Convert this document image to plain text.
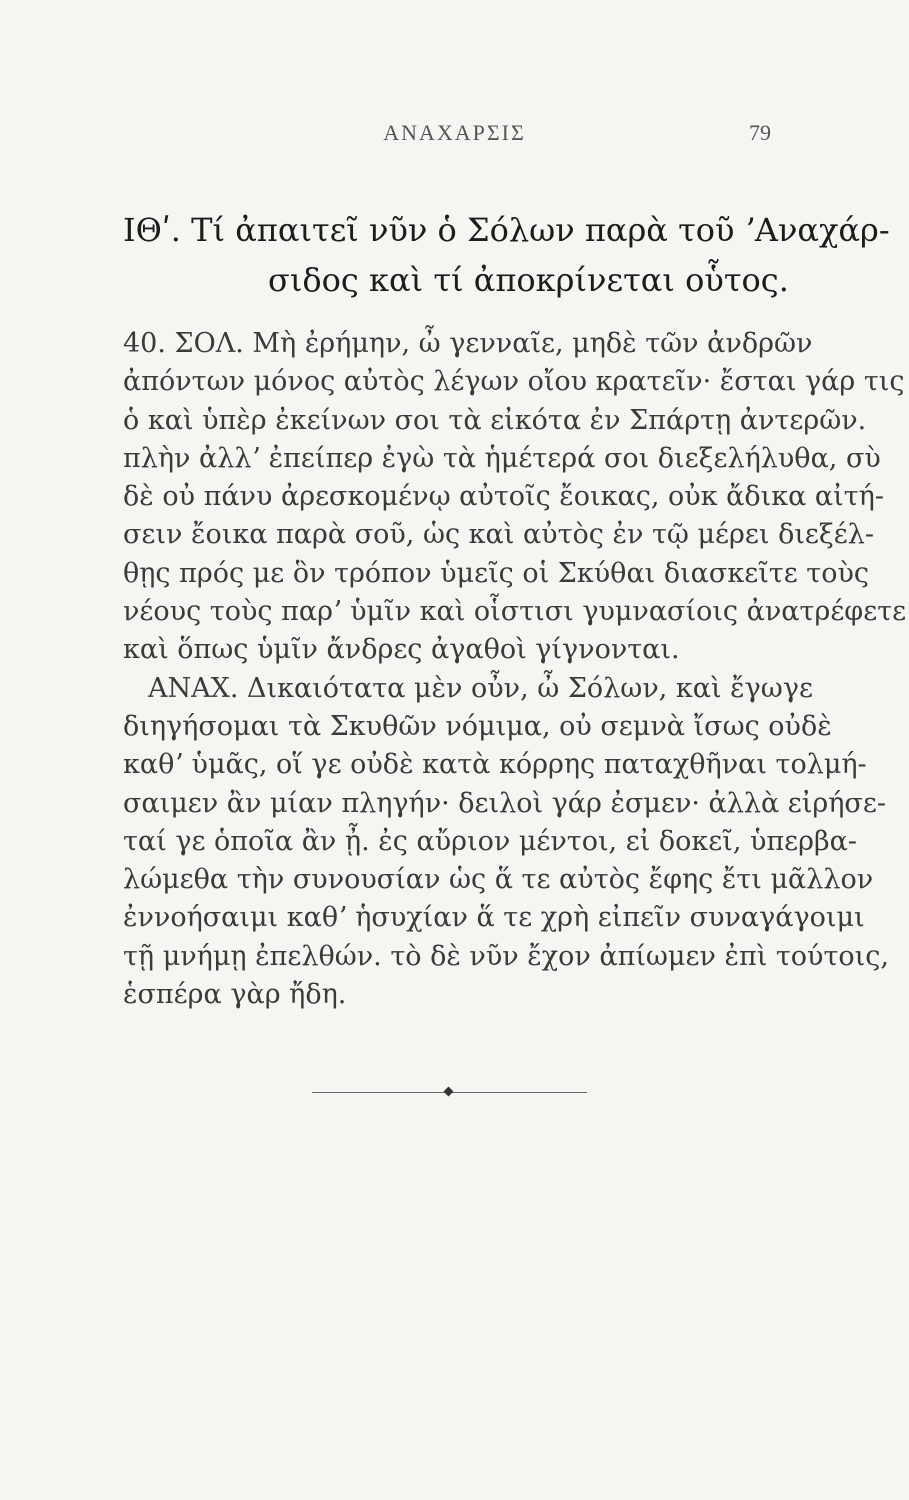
ΑΝΑΧΑΡΣΙΣ	79
ΙΘʹ. Τί ἀπαιτεῖ νῦν ὁ Σόλων παρὰ τοῦ ʼΑναχάρ-
σιδος καὶ τί ἀποκρίνεται οὗτος.
40. ΣΟΛ. Μὴ ἐρήμην, ὦ γενναῖε, μηδὲ τῶν ἀνδρῶν
ἀπόντων μόνος αὐτὸς λέγων οἴου κρατεῖν· ἔσται γάρ τις
ὁ καὶ ὑπὲρ ἐκείνων σοι τὰ εἰκότα ἐν Σπάρτῃ ἀντερῶν.
πλὴν ἀλλʼ ἐπείπερ ἐγὼ τὰ ἡμέτερά σοι διεξελήλυθα, σὺ
δὲ οὐ πάνυ ἀρεσκομένῳ αὐτοῖς ἔοικας, οὐκ ἄδικα αἰτή-
σειν ἔοικα παρὰ σοῦ, ὡς καὶ αὐτὸς ἐν τῷ μέρει διεξέλ-
θῃς πρός με ὃν τρόπον ὑμεῖς οἱ Σκύθαι διασκεῖτε τοὺς
νέους τοὺς παρʼ ὑμῖν καὶ οἷστισι γυμνασίοις ἀνατρέφετε
καὶ ὅπως ὑμῖν ἄνδρες ἀγαθοὶ γίγνονται.
ΑΝΑΧ. Δικαιότατα μὲν οὖν, ὦ Σόλων, καὶ ἔγωγε
διηγήσομαι τὰ Σκυθῶν νόμιμα, οὐ σεμνὰ ἴσως οὐδὲ
καθʼ ὑμᾶς, οἵ γε οὐδὲ κατὰ κόρρης παταχθῆναι τολμή-
σαιμεν ἂν μίαν πληγήν· δειλοὶ γάρ ἐσμεν· ἀλλὰ εἰρήσε-
ταί γε ὁποῖα ἂν ᾖ. ἐς αὔριον μέντοι, εἰ δοκεῖ, ὑπερβα-
λώμεθα τὴν συνουσίαν ὡς ἅ τε αὐτὸς ἔφης ἔτι μᾶλλον
ἐννοήσαιμι καθʼ ἡσυχίαν ἅ τε χρὴ εἰπεῖν συναγάγοιμι
τῇ μνήμῃ ἐπελθών. τὸ δὲ νῦν ἔχον ἀπίωμεν ἐπὶ τούτοις,
ἑσπέρα γὰρ ἤδη.
